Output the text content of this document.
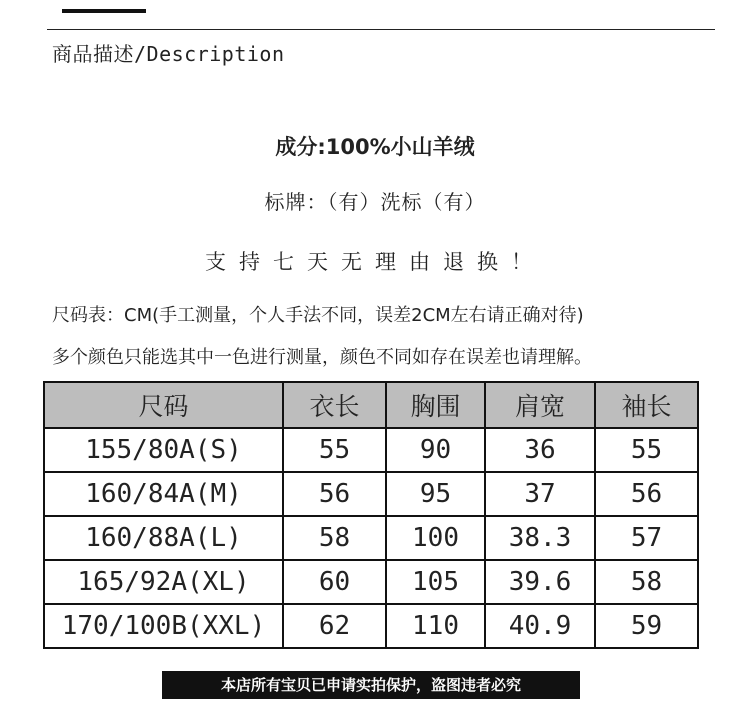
商品描述/Description
成分:100%小山羊绒
标牌：（有）洗标（有）
支持七天无理由退换！
尺码表：CM(手工测量，个人手法不同，误差2CM左右请正确对待)
多个颜色只能选其中一色进行测量，颜色不同如存在误差也请理解。
尺码	衣长	胸围	肩宽	袖长
155/80A(S)	55	90	36	55
160/84A(M)	56	95	37	56
160/88A(L)	58	100	38.3	57
165/92A(XL)	60	105	39.6	58
170/100B(XXL)	62	110	40.9	59
本店所有宝贝已申请实拍保护，盗图违者必究
